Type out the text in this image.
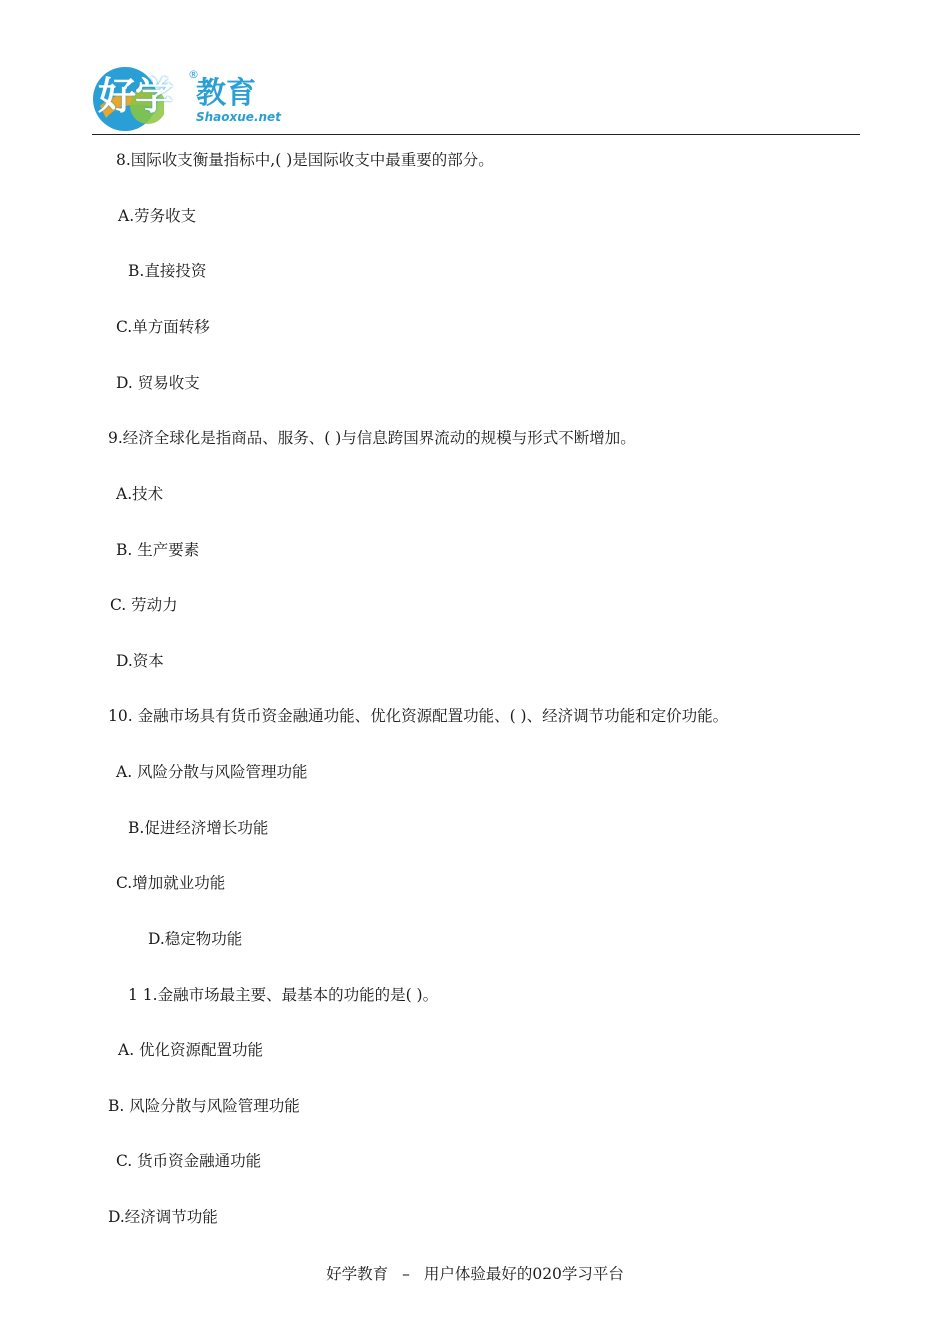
好学 ®
教育
Shaoxue.net
8.国际收支衡量指标中,( )是国际收支中最重要的部分。
A.劳务收支
B.直接投资
C.单方面转移
D. 贸易收支
9.经济全球化是指商品、服务、( )与信息跨国界流动的规模与形式不断增加。
A.技术
B. 生产要素
C. 劳动力
D.资本
10. 金融市场具有货币资金融通功能、优化资源配置功能、( )、经济调节功能和定价功能。
A. 风险分散与风险管理功能
B.促进经济增长功能
C.增加就业功能
D.稳定物功能
1 1.金融市场最主要、最基本的功能的是( )。
A. 优化资源配置功能
B. 风险分散与风险管理功能
C. 货币资金融通功能
D.经济调节功能
好学教育 – 用户体验最好的020学习平台
